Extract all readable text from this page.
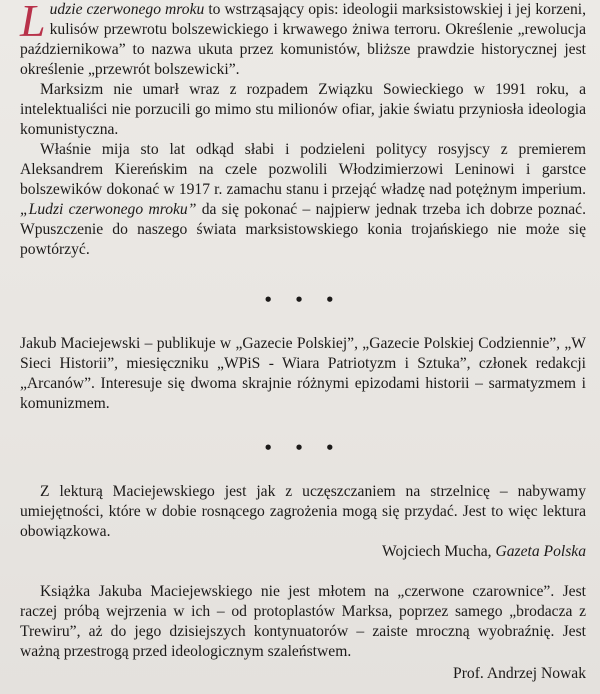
Ludzie czerwonego mroku to wstrząsający opis: ideologii marksistowskiej i jej korzeni, kulisów przewrotu bolszewickiego i krwawego żniwa terroru. Określenie „rewolucja październikowa” to nazwa ukuta przez komunistów, bliższe prawdzie historycznej jest określenie „przewrót bolszewicki”.

Marksizm nie umarł wraz z rozpadem Związku Sowieckiego w 1991 roku, a intelektualiści nie porzucili go mimo stu milionów ofiar, jakie światu przyniosła ideologia komunistyczna.

Właśnie mija sto lat odkąd słabi i podzieleni politycy rosyjscy z premierem Aleksandrem Kiereńskim na czele pozwolili Włodzimierzowi Leninowi i garstce bolszewików dokonać w 1917 r. zamachu stanu i przejąć władzę nad potężnym imperium. „Ludzi czerwonego mroku” da się pokonać – najpierw jednak trzeba ich dobrze poznać. Wpuszczenie do naszego świata marksistowskiego konia trojańskiego nie może się powtórzyć.

• • •

Jakub Maciejewski – publikuje w „Gazecie Polskiej”, „Gazecie Polskiej Codziennie”, „W Sieci Historii”, miesięczniku „WPiS - Wiara Patriotyzm i Sztuka”, członek redakcji „Arcanów”. Interesuje się dwoma skrajnie różnymi epizodami historii – sarmatyzmem i komunizmem.

• • •

Z lekturą Maciejewskiego jest jak z uczęszczaniem na strzelnicę – nabywamy umiejętności, które w dobie rosnącego zagrożenia mogą się przydać. Jest to więc lektura obowiązkowa.

Wojciech Mucha, Gazeta Polska

Książka Jakuba Maciejewskiego nie jest młotem na „czerwone czarownice”. Jest raczej próbą wejrzenia w ich – od protoplastów Marksa, poprzez samego „brodacza z Trewiru”, aż do jego dzisiejszych kontynuatorów – zaiste mroczną wyobraźnię. Jest ważną przestrogą przed ideologicznym szaleństwem.

Prof. Andrzej Nowak
